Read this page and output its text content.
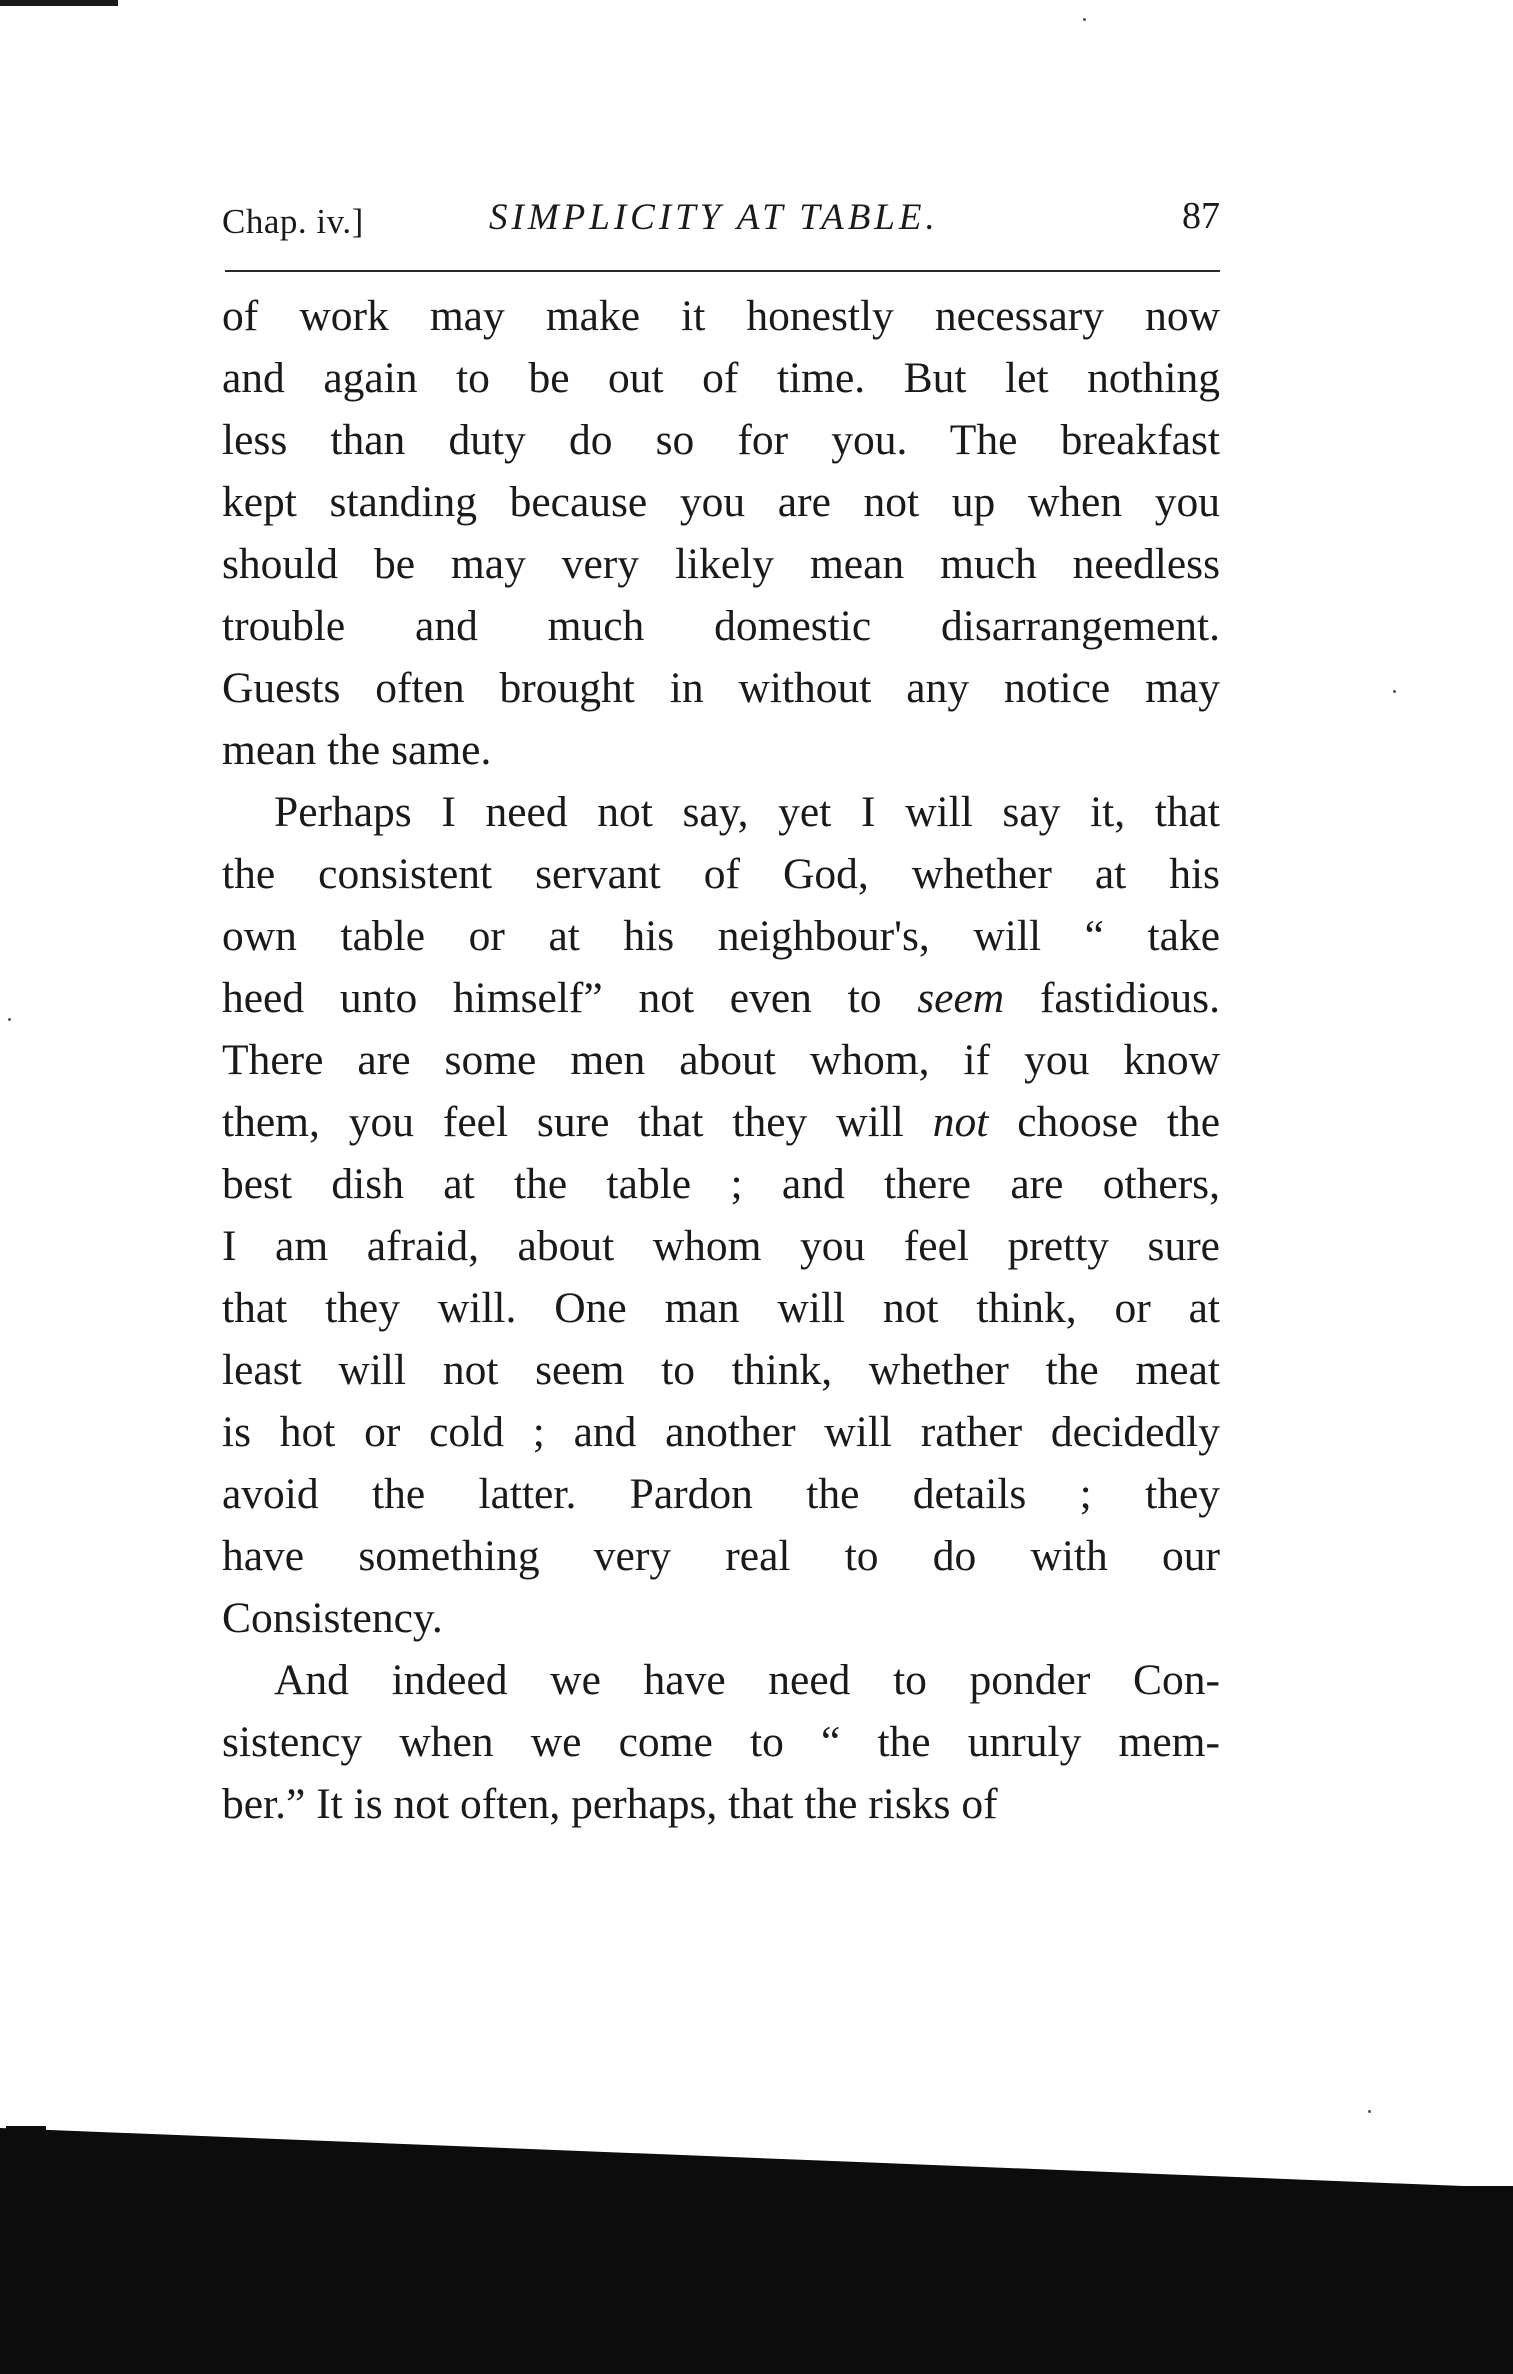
Chap. iv.]	SIMPLICITY AT TABLE.	87
of work may make it honestly necessary now
and again to be out of time. But let nothing
less than duty do so for you. The breakfast
kept standing because you are not up when you
should be may very likely mean much needless
trouble and much domestic disarrangement.
Guests often brought in without any notice may
mean the same.
Perhaps I need not say, yet I will say it, that
the consistent servant of God, whether at his
own table or at his neighbour's, will “ take
heed unto himself” not even to seem fastidious.
There are some men about whom, if you know
them, you feel sure that they will not choose the
best dish at the table ; and there are others,
I am afraid, about whom you feel pretty sure
that they will. One man will not think, or at
least will not seem to think, whether the meat
is hot or cold ; and another will rather decidedly
avoid the latter. Pardon the details ; they
have something very real to do with our
Consistency.
And indeed we have need to ponder Con-
sistency when we come to “ the unruly mem-
ber.” It is not often, perhaps, that the risks of
